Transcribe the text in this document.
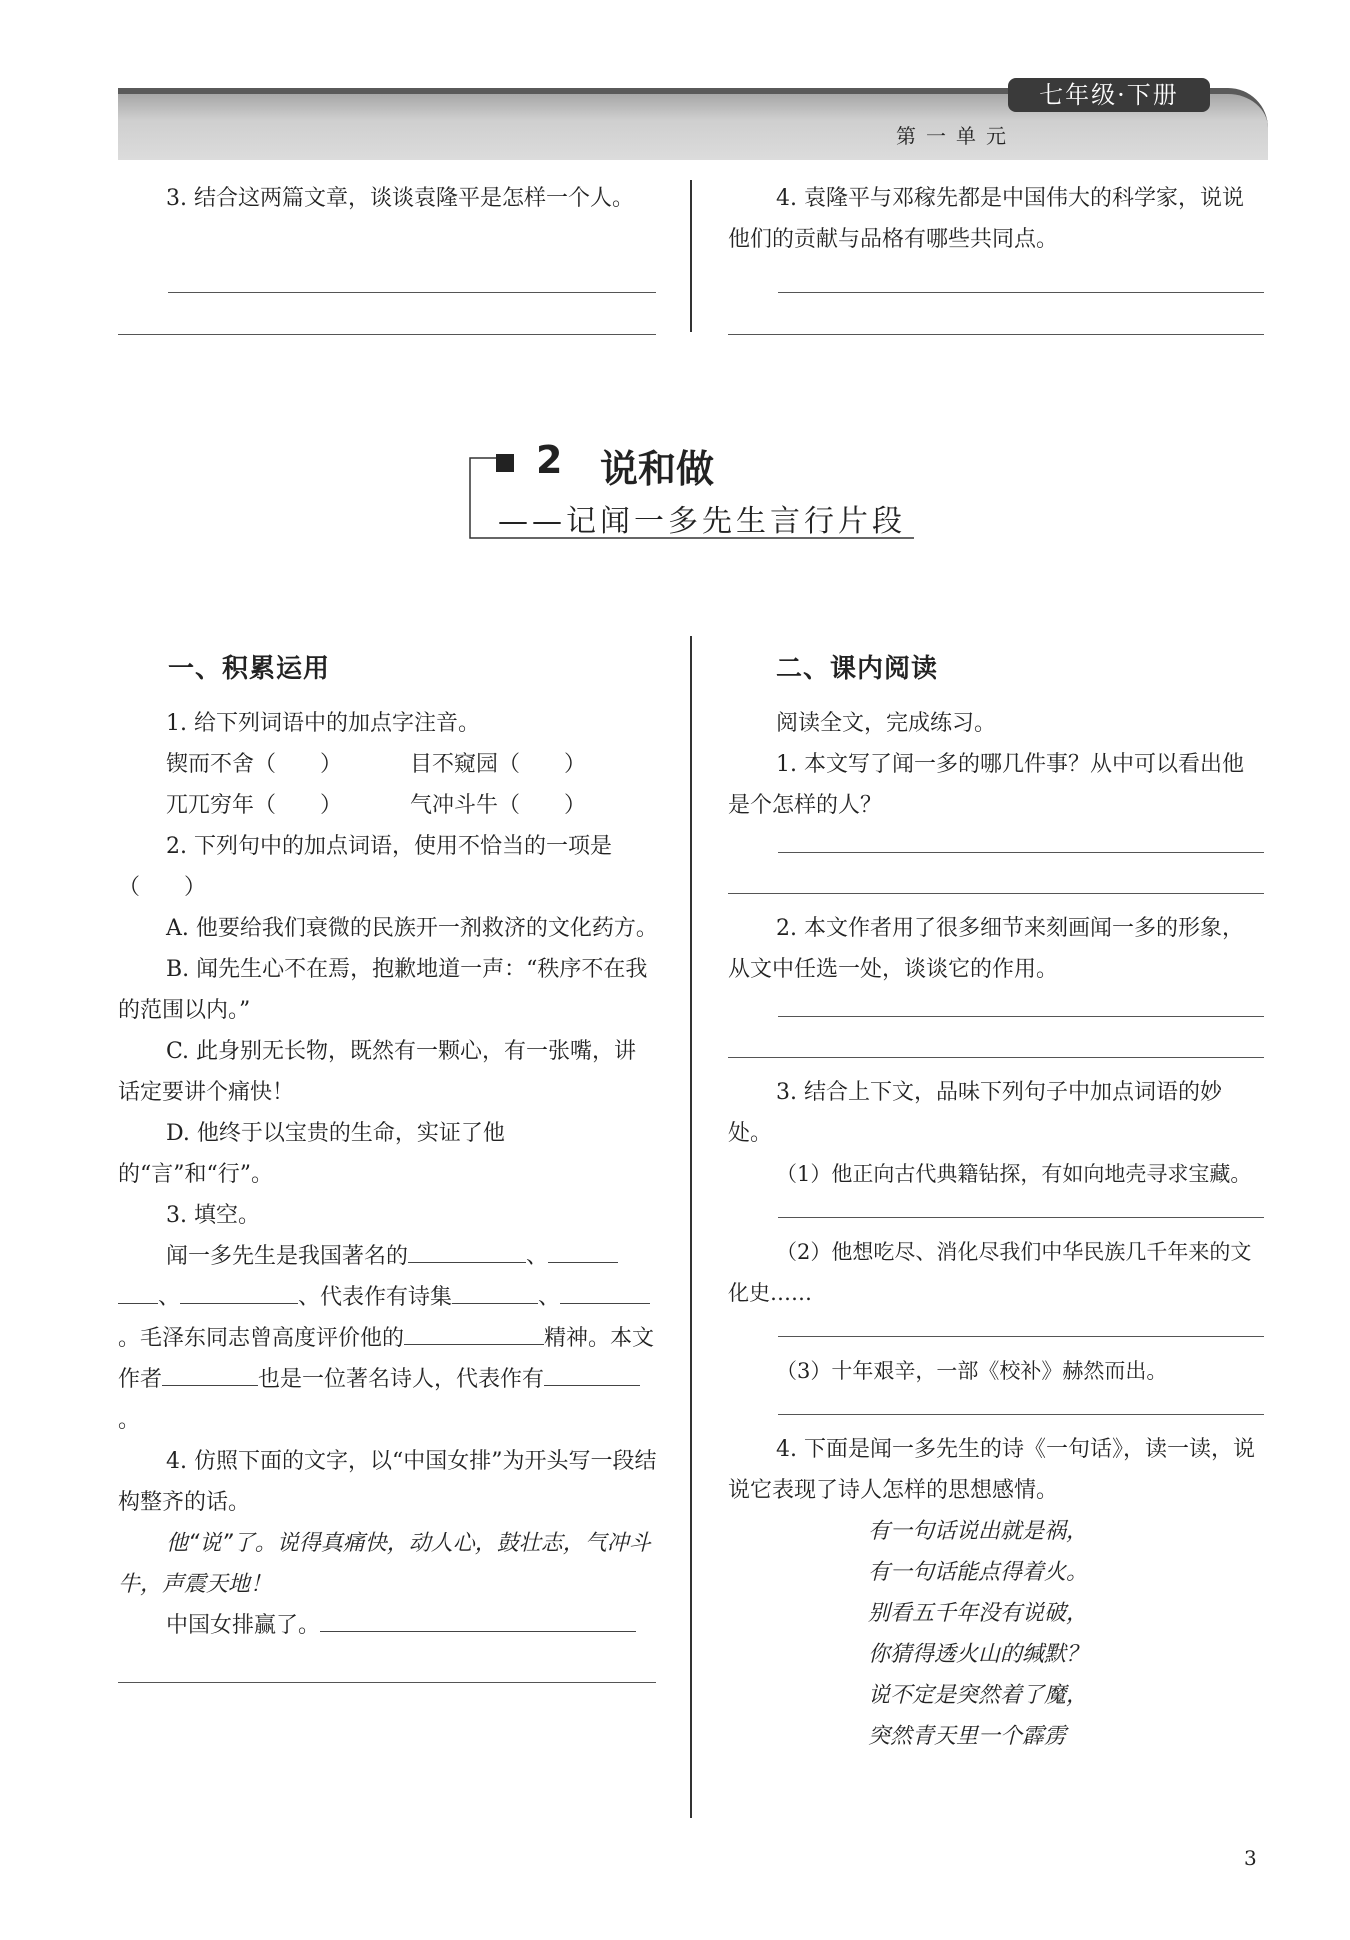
七年级·下册
第一单元

3. 结合这两篇文章，谈谈袁隆平是怎样一个人。	4. 袁隆平与邓稼先都是中国伟大的科学家，说说他们的贡献与品格有哪些共同点。

2 说和做
——记闻一多先生言行片段
一、积累运用

1. 给下列词语中的加点字注音。

锲而不舍（　　）	目不窥园（　　）
兀兀穷年（　　）	气冲斗牛（　　）

2. 下列句中的加点词语，使用不恰当的一项是（　　）

A. 他要给我们衰微的民族开一剂救济的文化药方。

B. 闻先生心不在焉，抱歉地道一声：“秩序不在我的范围以内。”

C. 此身别无长物，既然有一颗心，有一张嘴，讲话定要讲个痛快！

D. 他终于以宝贵的生命，实证了他的“言”和“行”。

3. 填空。

闻一多先生是我国著名的	、、	、代表作有诗集	、。毛泽东同志曾高度评价他的	精神。本文作者	也是一位著名诗人，代表作有。

4. 仿照下面的文字，以“中国女排”为开头写一段结构整齐的话。

他“说”了。说得真痛快，动人心，鼓壮志，气冲斗牛，声震天地！

中国女排赢了。

二、课内阅读

阅读全文，完成练习。

1. 本文写了闻一多的哪几件事？从中可以看出他是个怎样的人？

2. 本文作者用了很多细节来刻画闻一多的形象，从文中任选一处，谈谈它的作用。

3. 结合上下文，品味下列句子中加点词语的妙处。

（1）他正向古代典籍钻探，有如向地壳寻求宝藏。

（2）他想吃尽、消化尽我们中华民族几千年来的文化史……

（3）十年艰辛，一部《校补》赫然而出。

4. 下面是闻一多先生的诗《一句话》，读一读，说说它表现了诗人怎样的思想感情。

有一句话说出就是祸，
有一句话能点得着火。
别看五千年没有说破，
你猜得透火山的缄默？
说不定是突然着了魔，
突然青天里一个霹雳
3
